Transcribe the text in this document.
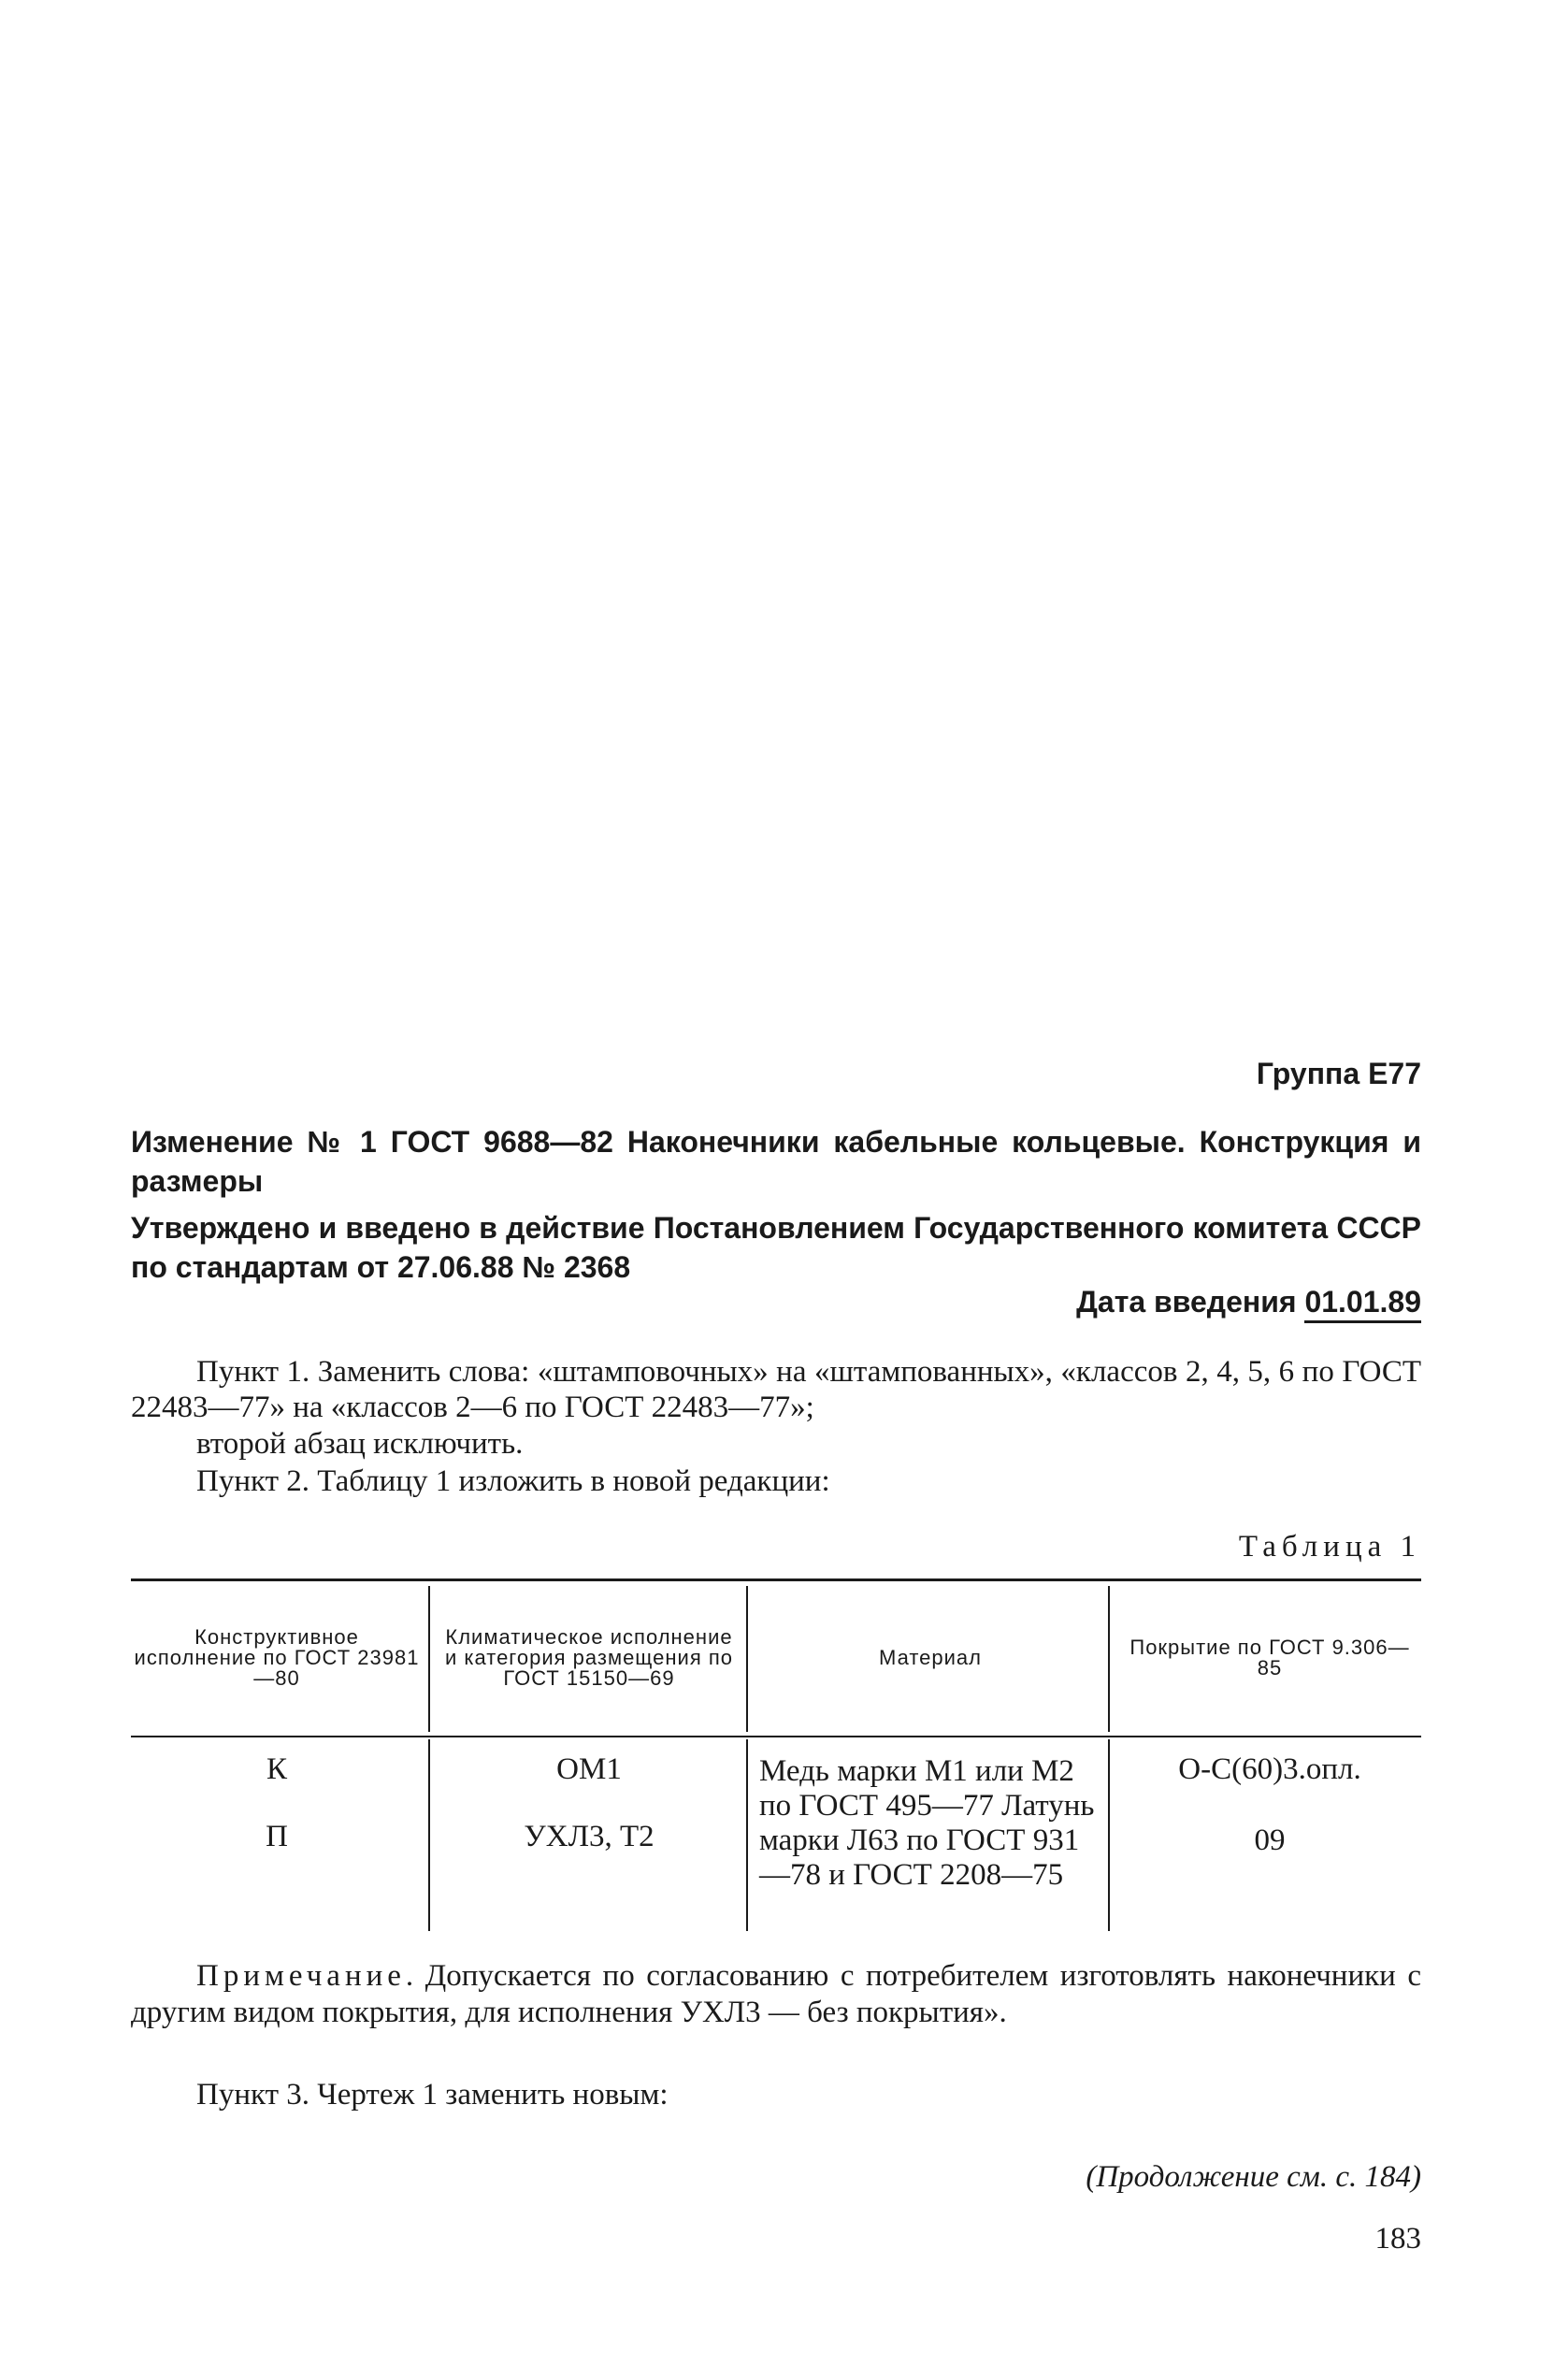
Группа Е77
Изменение № 1 ГОСТ 9688—82 Наконечники кабельные кольцевые. Конструкция и размеры
Утверждено и введено в действие Постановлением Государственного комитета СССР по стандартам от 27.06.88 № 2368
Дата введения 01.01.89
Пункт 1. Заменить слова: «штамповочных» на «штампованных», «классов 2, 4, 5, 6 по ГОСТ 22483—77» на «классов 2—6 по ГОСТ 22483—77»;
второй абзац исключить.
Пункт 2. Таблицу 1 изложить в новой редакции:
Таблица 1
Конструктивное исполнение по ГОСТ 23981—80
Климатическое исполнение и категория размещения по ГОСТ 15150—69
Материал	Покрытие по ГОСТ 9.306—85
К
П
ОМ1
УХЛ3, Т2
Медь марки М1 или М2 по ГОСТ 495—77 Латунь марки Л63 по ГОСТ 931—78 и ГОСТ 2208—75
О-С(60)3.опл.
09
Примечание. Допускается по согласованию с потребителем изготовлять наконечники с другим видом покрытия, для исполнения УХЛ3 — без покрытия».
Пункт 3. Чертеж 1 заменить новым:
(Продолжение см. с. 184)
183
